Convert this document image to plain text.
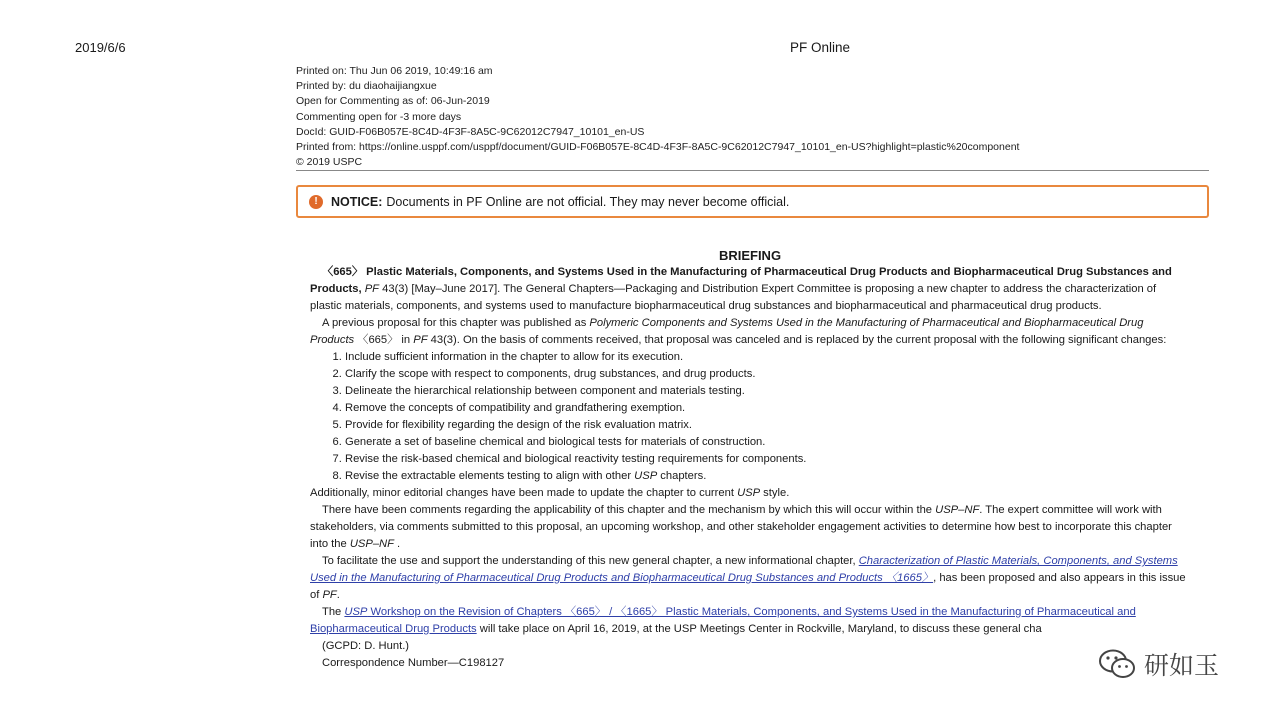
2019/6/6	PF Online
Printed on: Thu Jun 06 2019, 10:49:16 am
Printed by: du diaohaijiangxue
Open for Commenting as of: 06-Jun-2019
Commenting open for -3 more days
DocId: GUID-F06B057E-8C4D-4F3F-8A5C-9C62012C7947_10101_en-US
Printed from: https://online.usppf.com/usppf/document/GUID-F06B057E-8C4D-4F3F-8A5C-9C62012C7947_10101_en-US?highlight=plastic%20component
© 2019 USPC
!	NOTICE: Documents in PF Online are not official. They may never become official.
BRIEFING

〈665〉 Plastic Materials, Components, and Systems Used in the Manufacturing of Pharmaceutical Drug Products and Biopharmaceutical Drug Substances and Products, PF 43(3) [May–June 2017]. The General Chapters—Packaging and Distribution Expert Committee is proposing a new chapter to address the characterization of plastic materials, components, and systems used to manufacture biopharmaceutical drug substances and biopharmaceutical and pharmaceutical drug products.

A previous proposal for this chapter was published as Polymeric Components and Systems Used in the Manufacturing of Pharmaceutical and Biopharmaceutical Drug Products 〈665〉 in PF 43(3). On the basis of comments received, that proposal was canceled and is replaced by the current proposal with the following significant changes:

1. Include sufficient information in the chapter to allow for its execution.
2. Clarify the scope with respect to components, drug substances, and drug products.
3. Delineate the hierarchical relationship between component and materials testing.
4. Remove the concepts of compatibility and grandfathering exemption.
5. Provide for flexibility regarding the design of the risk evaluation matrix.
6. Generate a set of baseline chemical and biological tests for materials of construction.
7. Revise the risk-based chemical and biological reactivity testing requirements for components.
8. Revise the extractable elements testing to align with other USP chapters.

Additionally, minor editorial changes have been made to update the chapter to current USP style.

There have been comments regarding the applicability of this chapter and the mechanism by which this will occur within the USP–NF. The expert committee will work with stakeholders, via comments submitted to this proposal, an upcoming workshop, and other stakeholder engagement activities to determine how best to incorporate this chapter into the USP–NF .

To facilitate the use and support the understanding of this new general chapter, a new informational chapter, Characterization of Plastic Materials, Components, and Systems Used in the Manufacturing of Pharmaceutical Drug Products and Biopharmaceutical Drug Substances and Products 〈1665〉, has been proposed and also appears in this issue of PF.

The USP Workshop on the Revision of Chapters 〈665〉 / 〈1665〉 Plastic Materials, Components, and Systems Used in the Manufacturing of Pharmaceutical and Biopharmaceutical Drug Products will take place on April 16, 2019, at the USP Meetings Center in Rockville, Maryland, to discuss these general cha

(GCPD: D. Hunt.)

Correspondence Number—C198127	研如玉
